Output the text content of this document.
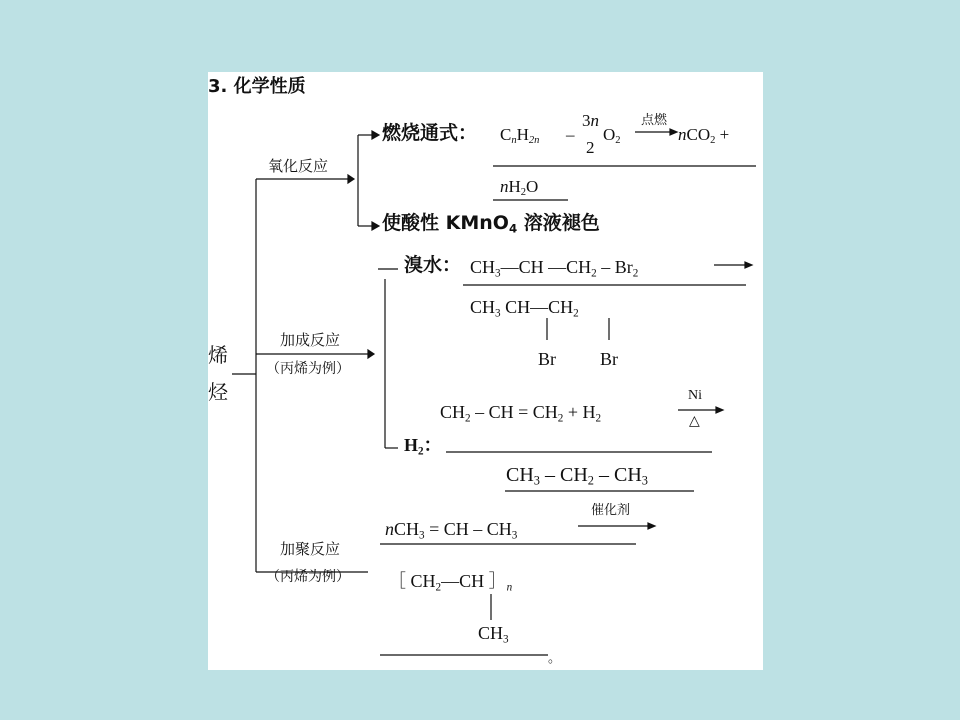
3. 化学性质
烯
烃
氧化反应
燃烧通式： $C_nH_{2n}$ –
3n
2
$O_2$
点燃
nCO$_2$ +
$nH_2O$
使酸性 KMnO$_4$ 溶液褪色
加成反应
（丙烯为例）
溴水： $CH_3—CH$ $—CH_2 - Br_2$
$CH_3$ $CH—CH_2$
Br Br
$CH_2$ – CH = $CH_2 + H_2$
Ni
△
$H_2$：
$CH_3 - CH_2 - CH_3$
加聚反应
（丙烯为例）
nCH$_3$ = CH – $CH_3$
催化剂
［ $CH_2—CH$ $]_n$
$CH_3$
。
